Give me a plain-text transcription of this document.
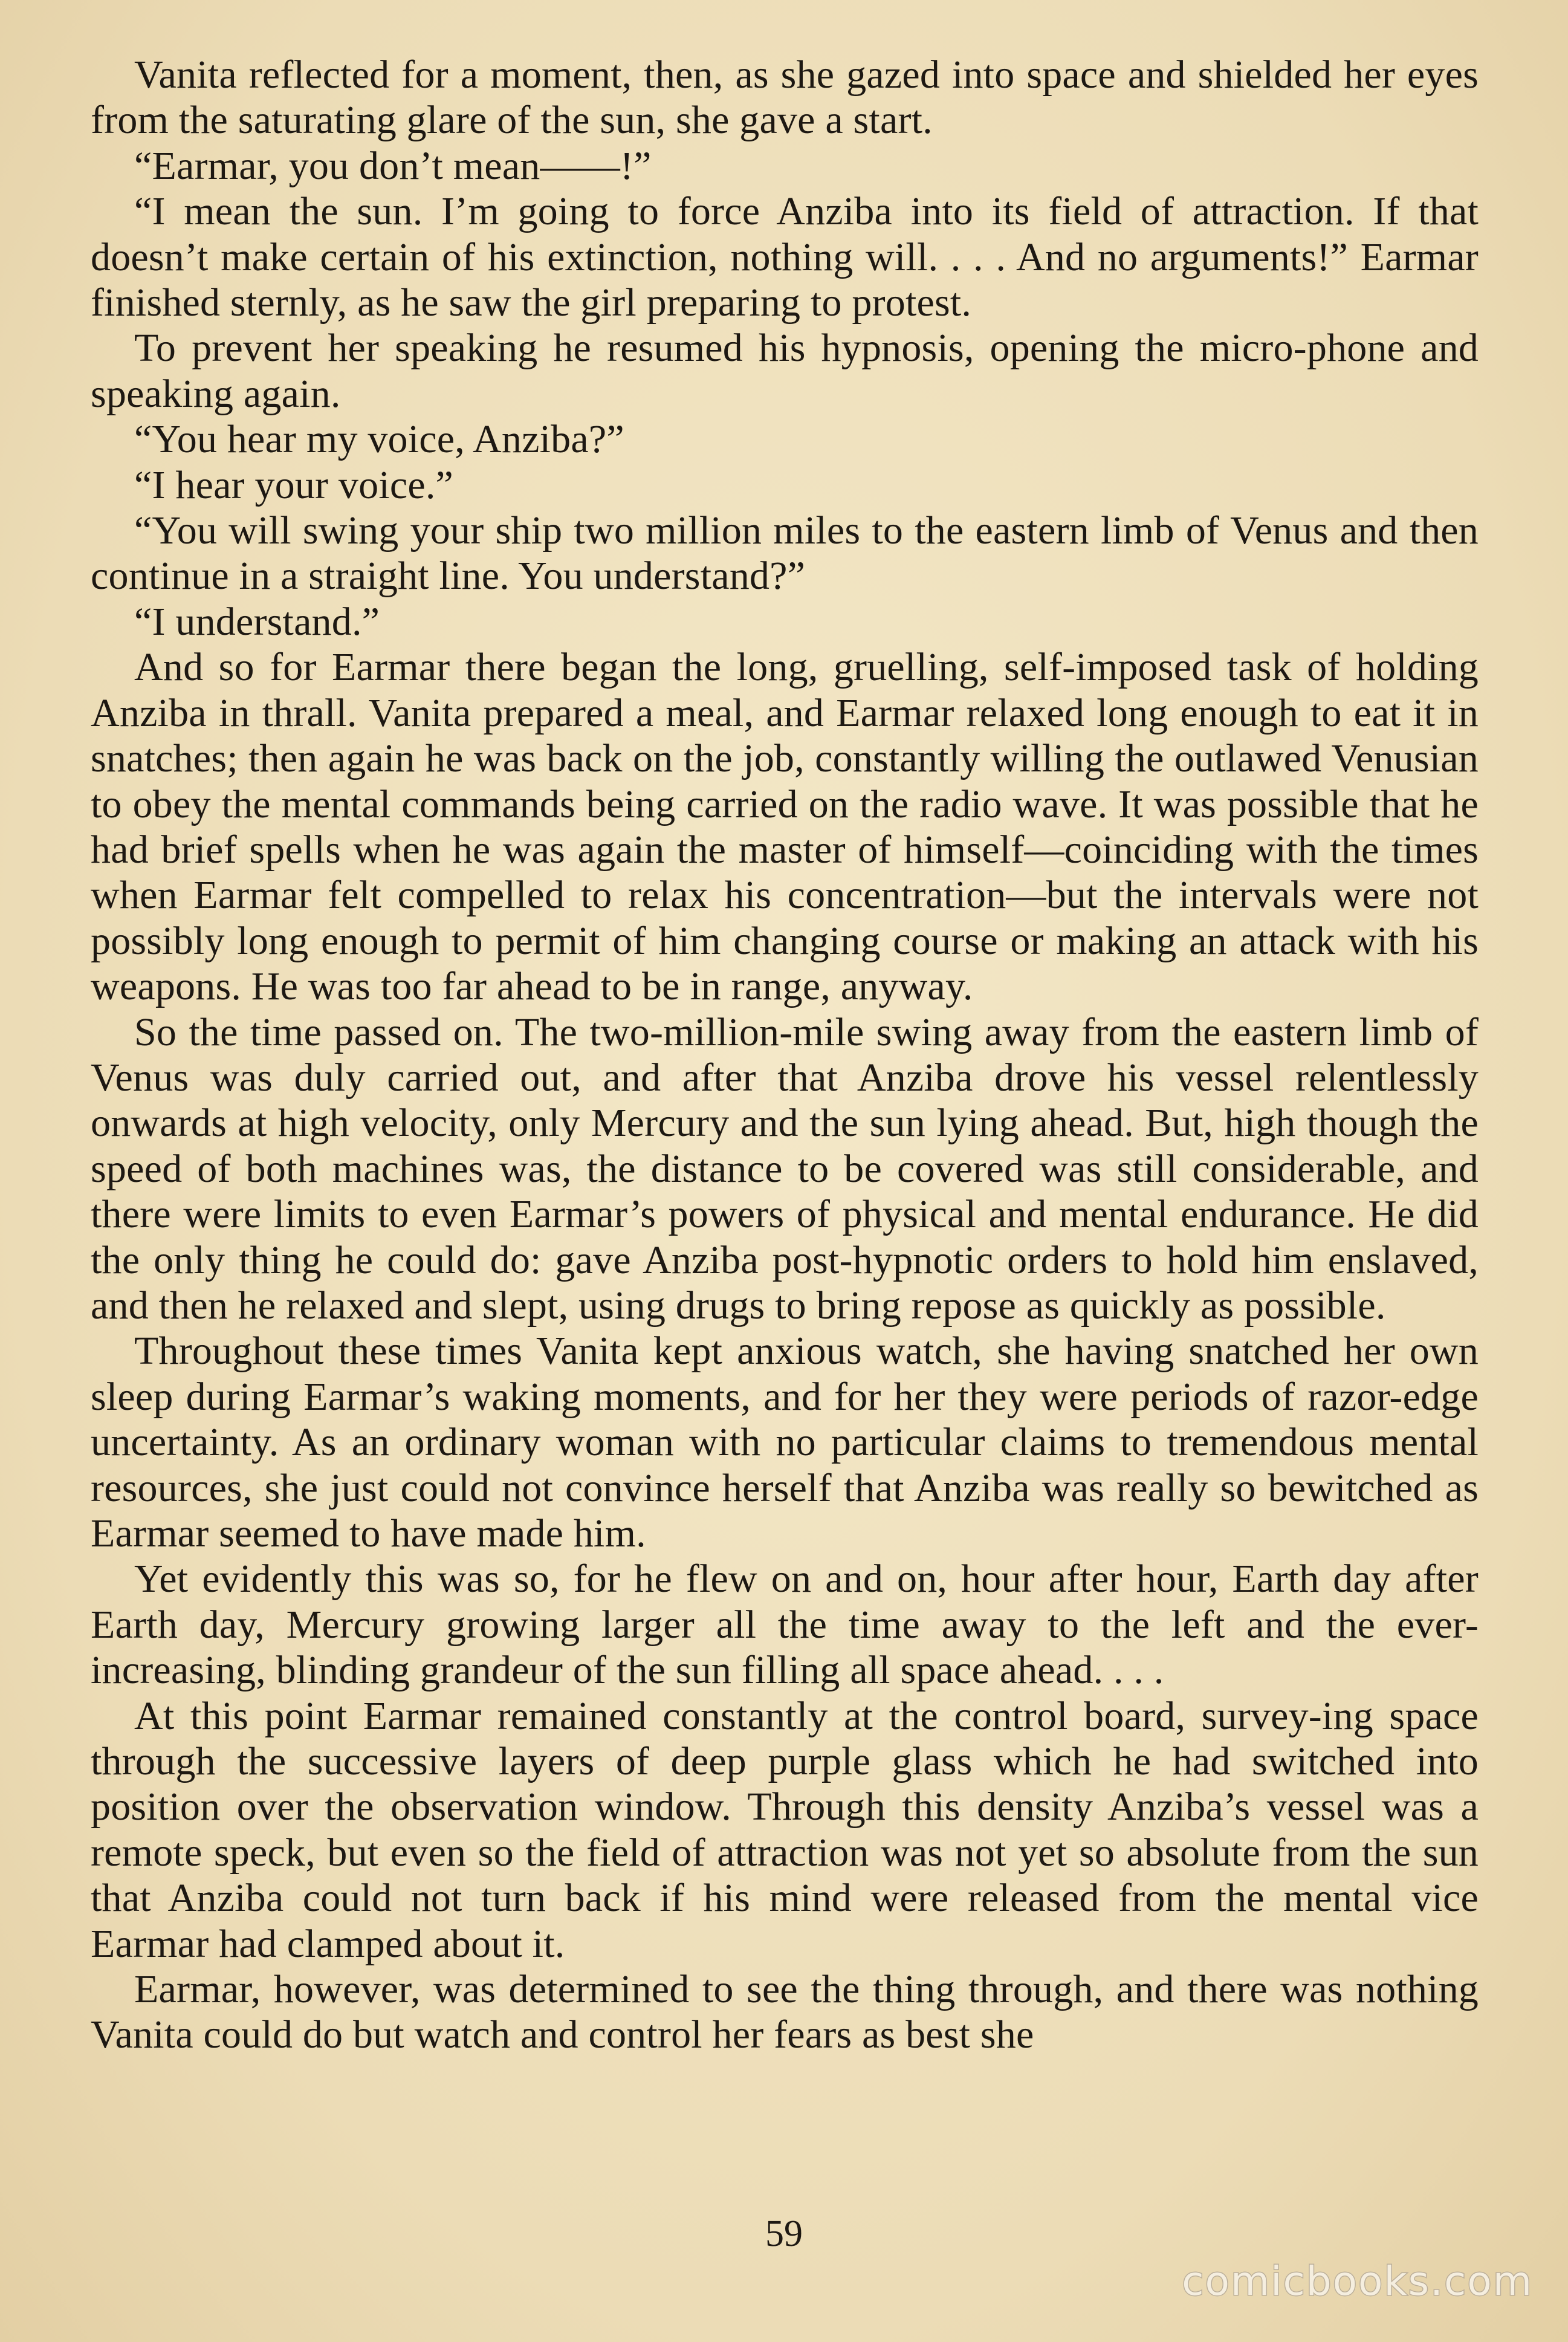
Vanita reflected for a moment, then, as she gazed into space and shielded her eyes from the saturating glare of the sun, she gave a start.

“Earmar, you don’t mean——!”

“I mean the sun. I’m going to force Anziba into its field of attraction. If that doesn’t make certain of his extinction, nothing will. . . . And no arguments!” Earmar finished sternly, as he saw the girl preparing to protest.

To prevent her speaking he resumed his hypnosis, opening the micro-phone and speaking again.

“You hear my voice, Anziba?”

“I hear your voice.”

“You will swing your ship two million miles to the eastern limb of Venus and then continue in a straight line. You understand?”

“I understand.”

And so for Earmar there began the long, gruelling, self-imposed task of holding Anziba in thrall. Vanita prepared a meal, and Earmar relaxed long enough to eat it in snatches; then again he was back on the job, constantly willing the outlawed Venusian to obey the mental commands being carried on the radio wave. It was possible that he had brief spells when he was again the master of himself—coinciding with the times when Earmar felt compelled to relax his concentration—but the intervals were not possibly long enough to permit of him changing course or making an attack with his weapons. He was too far ahead to be in range, anyway.

So the time passed on. The two-million-mile swing away from the eastern limb of Venus was duly carried out, and after that Anziba drove his vessel relentlessly onwards at high velocity, only Mercury and the sun lying ahead. But, high though the speed of both machines was, the distance to be covered was still considerable, and there were limits to even Earmar’s powers of physical and mental endurance. He did the only thing he could do: gave Anziba post-hypnotic orders to hold him enslaved, and then he relaxed and slept, using drugs to bring repose as quickly as possible.

Throughout these times Vanita kept anxious watch, she having snatched her own sleep during Earmar’s waking moments, and for her they were periods of razor-edge uncertainty. As an ordinary woman with no particular claims to tremendous mental resources, she just could not convince herself that Anziba was really so bewitched as Earmar seemed to have made him.

Yet evidently this was so, for he flew on and on, hour after hour, Earth day after Earth day, Mercury growing larger all the time away to the left and the ever-increasing, blinding grandeur of the sun filling all space ahead. . . .

At this point Earmar remained constantly at the control board, survey-ing space through the successive layers of deep purple glass which he had switched into position over the observation window. Through this density Anziba’s vessel was a remote speck, but even so the field of attraction was not yet so absolute from the sun that Anziba could not turn back if his mind were released from the mental vice Earmar had clamped about it.

Earmar, however, was determined to see the thing through, and there was nothing Vanita could do but watch and control her fears as best she

59
comicbooks.com
